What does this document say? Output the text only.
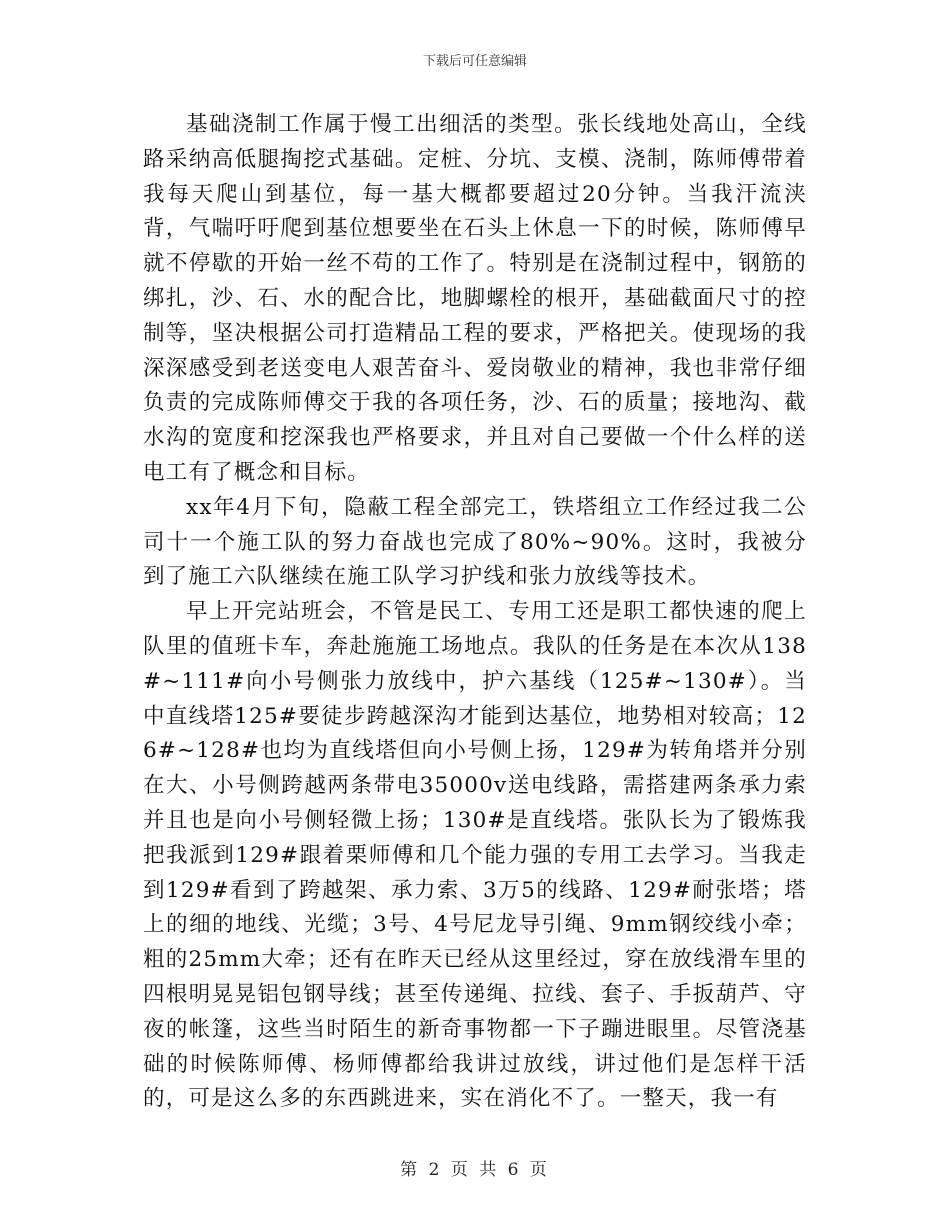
下载后可任意编辑

基础浇制工作属于慢工出细活的类型。张长线地处高山，全线路采纳高低腿掏挖式基础。定桩、分坑、支模、浇制，陈师傅带着我每天爬山到基位，每一基大概都要超过20分钟。当我汗流浃背，气喘吁吁爬到基位想要坐在石头上休息一下的时候，陈师傅早就不停歇的开始一丝不苟的工作了。特别是在浇制过程中，钢筋的绑扎，沙、石、水的配合比，地脚螺栓的根开，基础截面尺寸的控制等，坚决根据公司打造精品工程的要求，严格把关。使现场的我深深感受到老送变电人艰苦奋斗、爱岗敬业的精神，我也非常仔细负责的完成陈师傅交于我的各项任务，沙、石的质量；接地沟、截水沟的宽度和挖深我也严格要求，并且对自己要做一个什么样的送电工有了概念和目标。

xx年4月下旬，隐蔽工程全部完工，铁塔组立工作经过我二公司十一个施工队的努力奋战也完成了80%~90%。这时，我被分到了施工六队继续在施工队学习护线和张力放线等技术。

早上开完站班会，不管是民工、专用工还是职工都快速的爬上队里的值班卡车，奔赴施施工场地点。我队的任务是在本次从138#~111#向小号侧张力放线中，护六基线（125#~130#）。当中直线塔125#要徒步跨越深沟才能到达基位，地势相对较高；126#~128#也均为直线塔但向小号侧上扬，129#为转角塔并分别在大、小号侧跨越两条带电35000v送电线路，需搭建两条承力索并且也是向小号侧轻微上扬；130#是直线塔。张队长为了锻炼我把我派到129#跟着栗师傅和几个能力强的专用工去学习。当我走到129#看到了跨越架、承力索、3万5的线路、129#耐张塔；塔上的细的地线、光缆；3号、4号尼龙导引绳、9mm钢绞线小牵；粗的25mm大牵；还有在昨天已经从这里经过，穿在放线滑车里的四根明晃晃铝包钢导线；甚至传递绳、拉线、套子、手扳葫芦、守夜的帐篷，这些当时陌生的新奇事物都一下子蹦进眼里。尽管浇基础的时候陈师傅、杨师傅都给我讲过放线，讲过他们是怎样干活的，可是这么多的东西跳进来，实在消化不了。一整天，我一有

第 2 页 共 6 页
